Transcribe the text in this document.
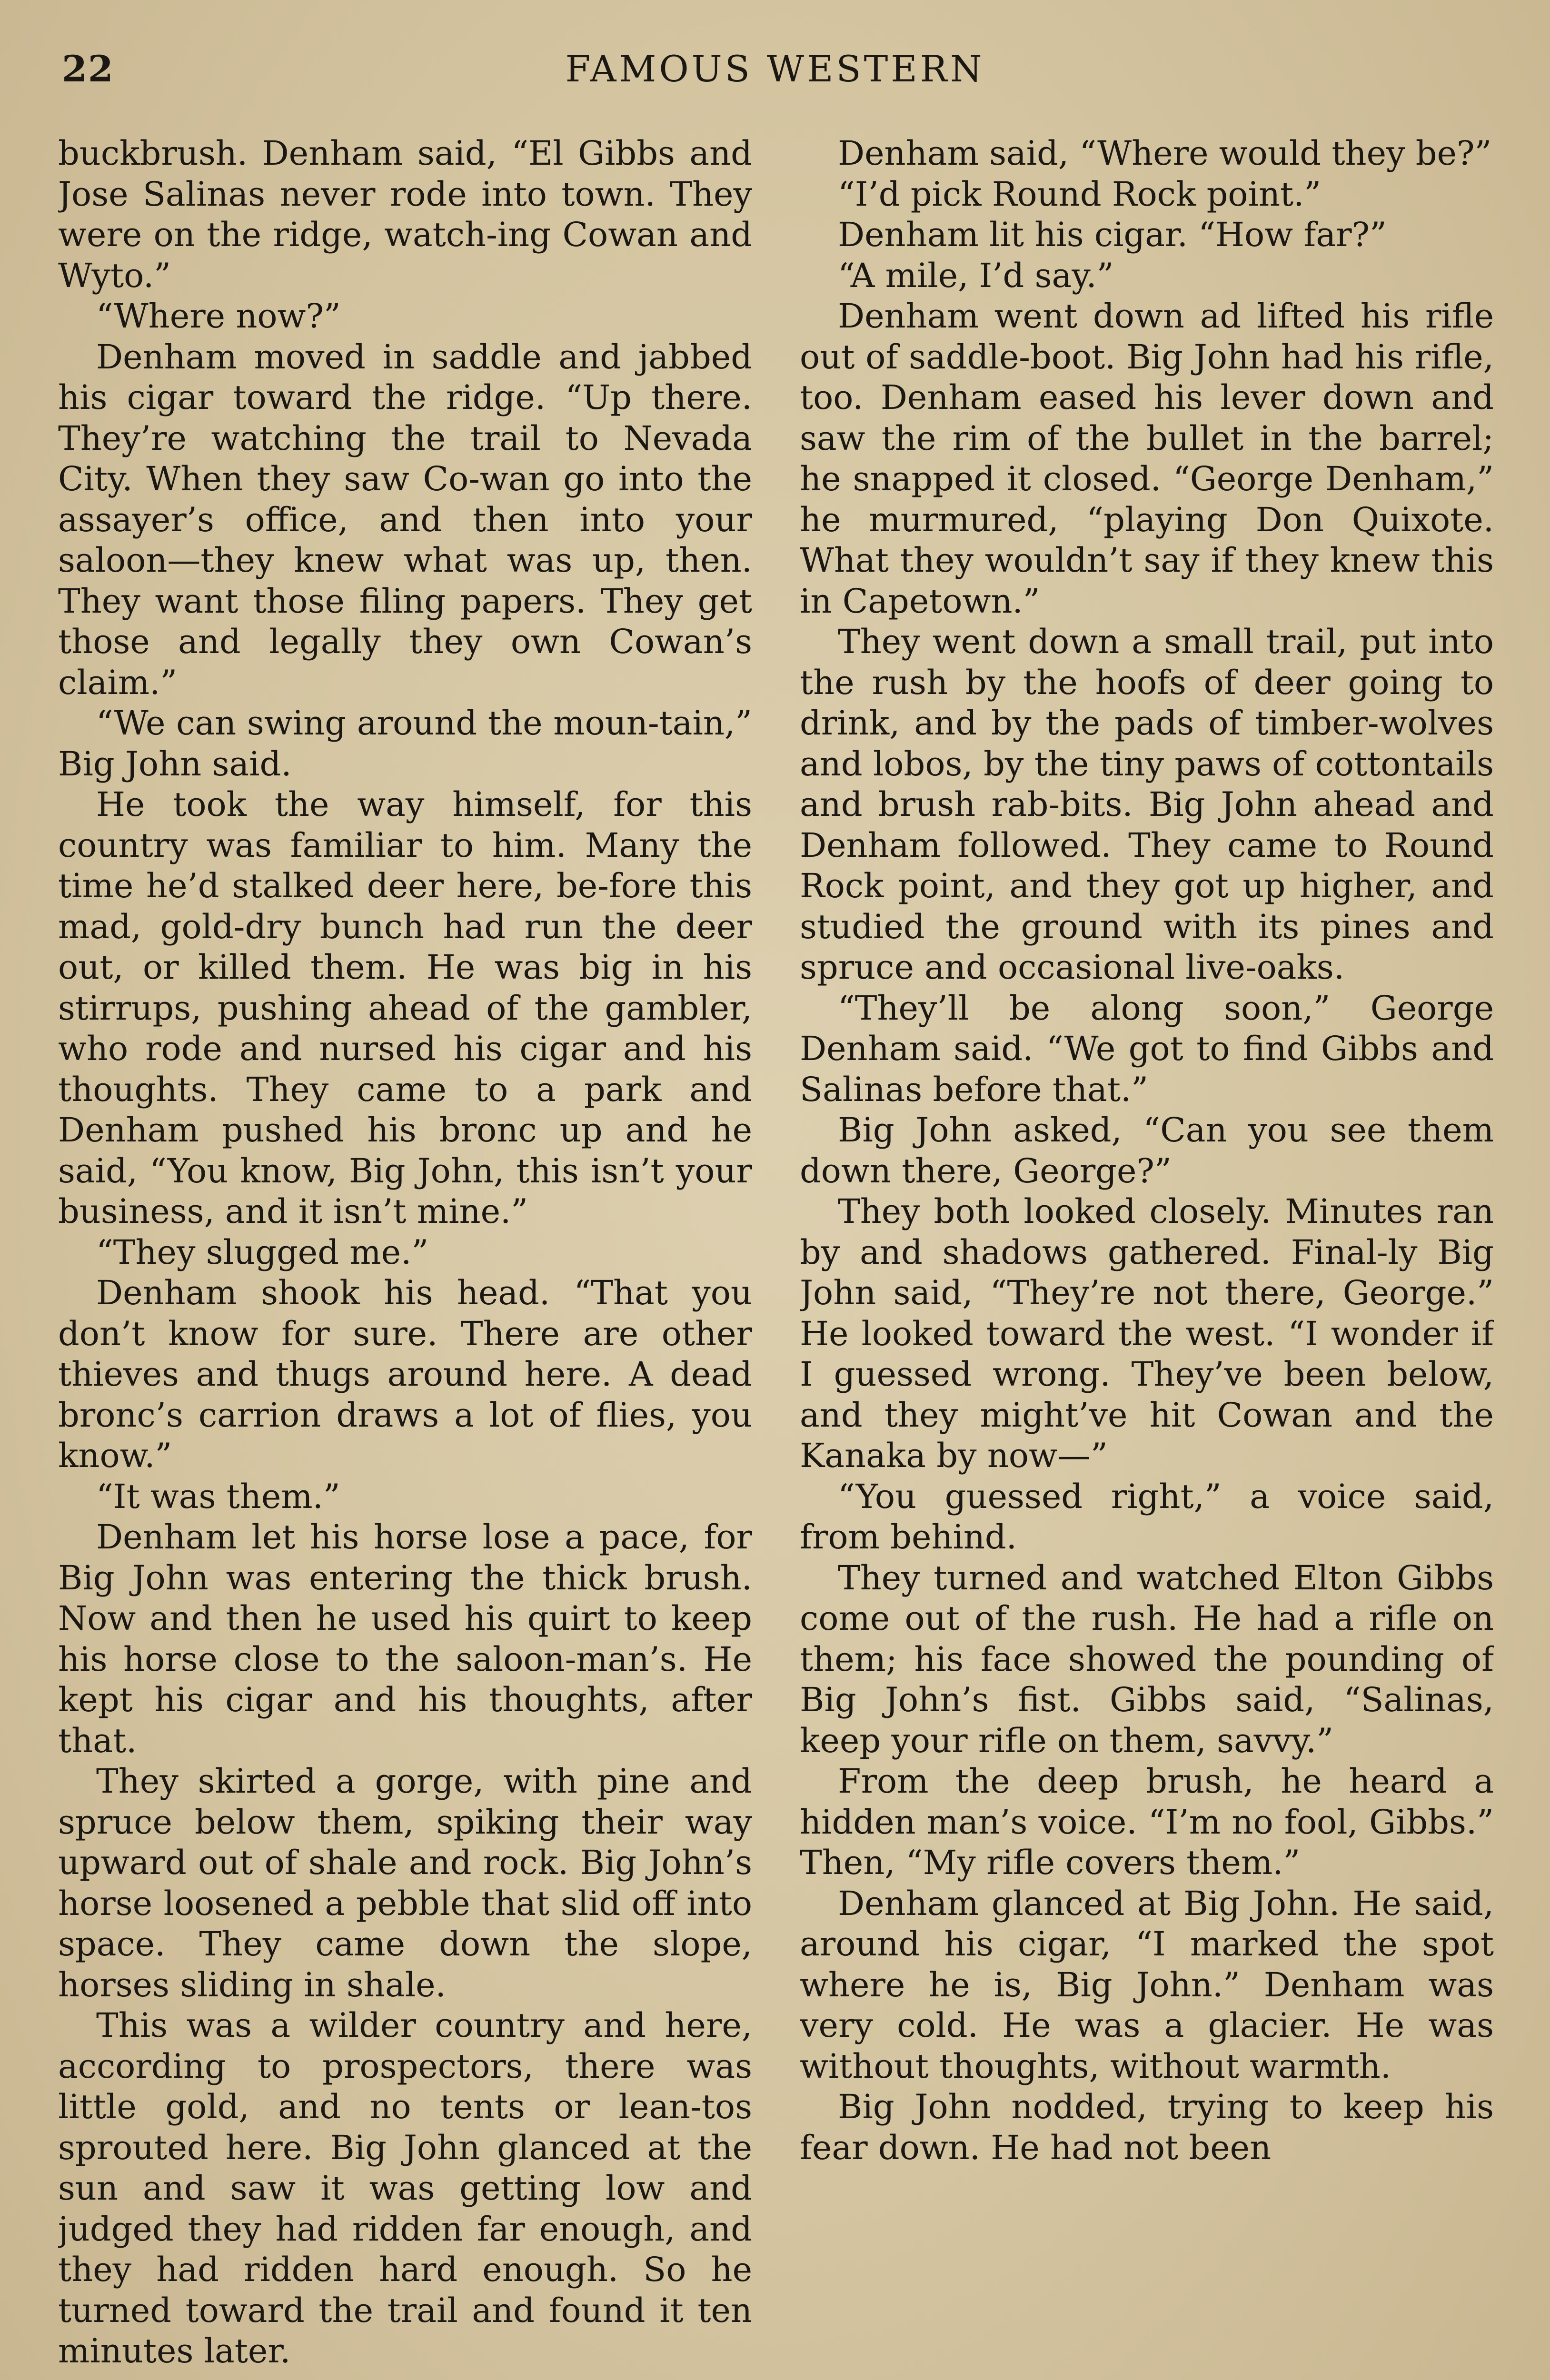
22	FAMOUS WESTERN

buckbrush. Denham said, “El Gibbs and Jose Salinas never rode into town. They were on the ridge, watch-ing Cowan and Wyto.”

“Where now?”

Denham moved in saddle and jabbed his cigar toward the ridge. “Up there. They’re watching the trail to Nevada City. When they saw Co-wan go into the assayer’s office, and then into your saloon—they knew what was up, then. They want those filing papers. They get those and legally they own Cowan’s claim.”

“We can swing around the moun-tain,” Big John said.

He took the way himself, for this country was familiar to him. Many the time he’d stalked deer here, be-fore this mad, gold-dry bunch had run the deer out, or killed them. He was big in his stirrups, pushing ahead of the gambler, who rode and nursed his cigar and his thoughts. They came to a park and Denham pushed his bronc up and he said, “You know, Big John, this isn’t your business, and it isn’t mine.”

“They slugged me.”

Denham shook his head. “That you don’t know for sure. There are other thieves and thugs around here. A dead bronc’s carrion draws a lot of flies, you know.”

“It was them.”

Denham let his horse lose a pace, for Big John was entering the thick brush. Now and then he used his quirt to keep his horse close to the saloon-man’s. He kept his cigar and his thoughts, after that.

They skirted a gorge, with pine and spruce below them, spiking their way upward out of shale and rock. Big John’s horse loosened a pebble that slid off into space. They came down the slope, horses sliding in shale.

This was a wilder country and here, according to prospectors, there was little gold, and no tents or lean-tos sprouted here. Big John glanced at the sun and saw it was getting low and judged they had ridden far enough, and they had ridden hard enough. So he turned toward the trail and found it ten minutes later.

Denham said, “Where would they be?”

“I’d pick Round Rock point.”

Denham lit his cigar. “How far?”

“A mile, I’d say.”

Denham went down ad lifted his rifle out of saddle-boot. Big John had his rifle, too. Denham eased his lever down and saw the rim of the bullet in the barrel; he snapped it closed. “George Denham,” he murmured, “playing Don Quixote. What they wouldn’t say if they knew this in Capetown.”

They went down a small trail, put into the rush by the hoofs of deer going to drink, and by the pads of timber-wolves and lobos, by the tiny paws of cottontails and brush rab-bits. Big John ahead and Denham followed. They came to Round Rock point, and they got up higher, and studied the ground with its pines and spruce and occasional live-oaks.

“They’ll be along soon,” George Denham said. “We got to find Gibbs and Salinas before that.”

Big John asked, “Can you see them down there, George?”

They both looked closely. Minutes ran by and shadows gathered. Final-ly Big John said, “They’re not there, George.” He looked toward the west. “I wonder if I guessed wrong. They’ve been below, and they might’ve hit Cowan and the Kanaka by now—”

“You guessed right,” a voice said, from behind.

They turned and watched Elton Gibbs come out of the rush. He had a rifle on them; his face showed the pounding of Big John’s fist. Gibbs said, “Salinas, keep your rifle on them, savvy.”

From the deep brush, he heard a hidden man’s voice. “I’m no fool, Gibbs.” Then, “My rifle covers them.”

Denham glanced at Big John. He said, around his cigar, “I marked the spot where he is, Big John.” Denham was very cold. He was a glacier. He was without thoughts, without warmth.

Big John nodded, trying to keep his fear down. He had not been
